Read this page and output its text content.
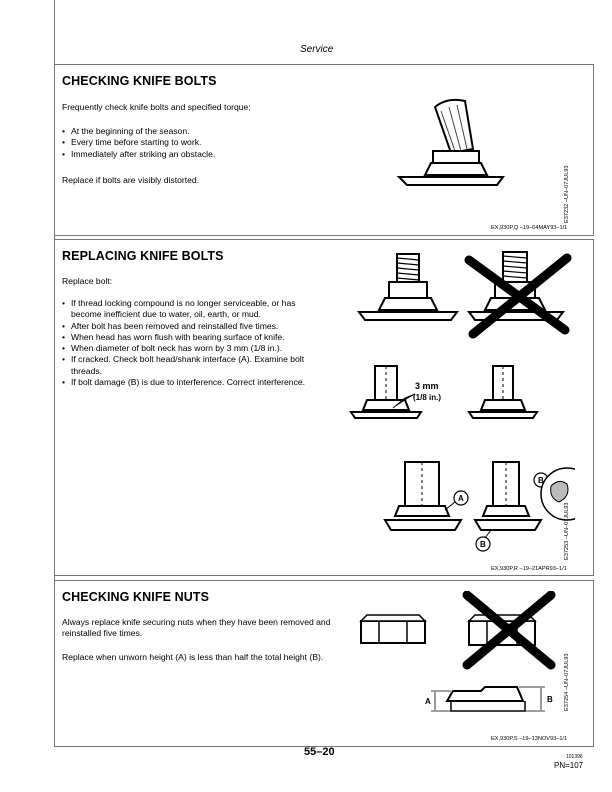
Service
CHECKING KNIFE BOLTS
Frequently check knife bolts and specified torque:
• At the beginning of the season.
• Every time before starting to work.
• Immediately after striking an obstacle.
Replace if bolts are visibly distorted.	E37232 –UN–07JUL93
EX,930P,Q –19–04MAY93–1/1
REPLACING KNIFE BOLTS
Replace bolt:
• If thread locking compound is no longer serviceable, or has become inefficient due to water, oil, earth, or mud.
• After bolt has been removed and reinstalled five times.
• When head has worn flush with bearing surface of knife.
• When diameter of bolt neck has worn by 3 mm (1/8 in.).
• If cracked. Check bolt head/shank interface (A). Examine bolt threads.
• If bolt damage (B) is due to interference. Correct interference.	3 mm
(1/8 in.)
A
B
B
E37253 –UN–07JUL93
EX,930P,R –19–21APR93–1/1
CHECKING KNIFE NUTS
Always replace knife securing nuts when they have been removed and reinstalled five times.
Replace when unworn height (A) is less than half the total height (B).
A	B E37254 –UN–07JUL93
EX,930P,S –19–13NOV93–1/1
55–20	101396
PN=107
